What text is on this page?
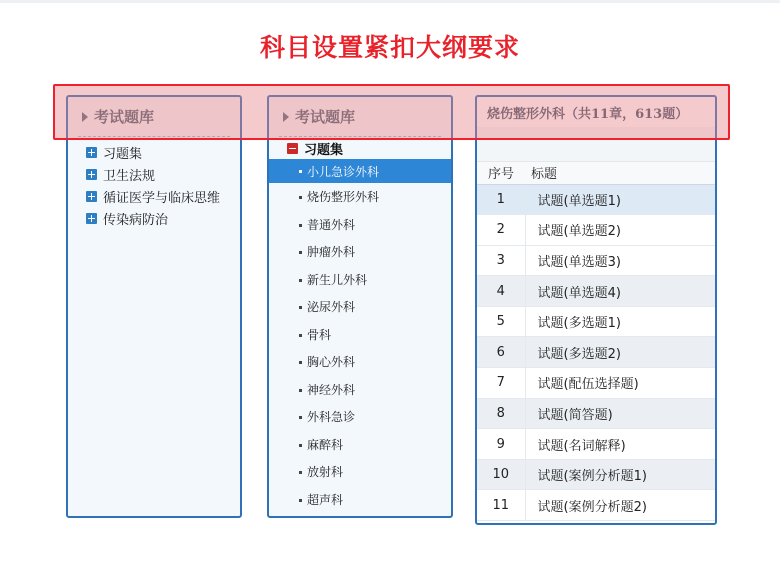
科目设置紧扣大纲要求
考试题库
习题集
卫生法规
循证医学与临床思维
传染病防治
考试题库
习题集
小儿急诊外科
烧伤整形外科
普通外科
肿瘤外科
新生儿外科
泌尿外科
骨科
胸心外科
神经外科
外科急诊
麻醉科
放射科
超声科
烧伤整形外科（共11章，613题）
序号	标题
1	试题(单选题1)
2	试题(单选题2)
3	试题(单选题3)
4	试题(单选题4)
5	试题(多选题1)
6	试题(多选题2)
7	试题(配伍选择题)
8	试题(简答题)
9	试题(名词解释)
10	试题(案例分析题1)
11	试题(案例分析题2)
